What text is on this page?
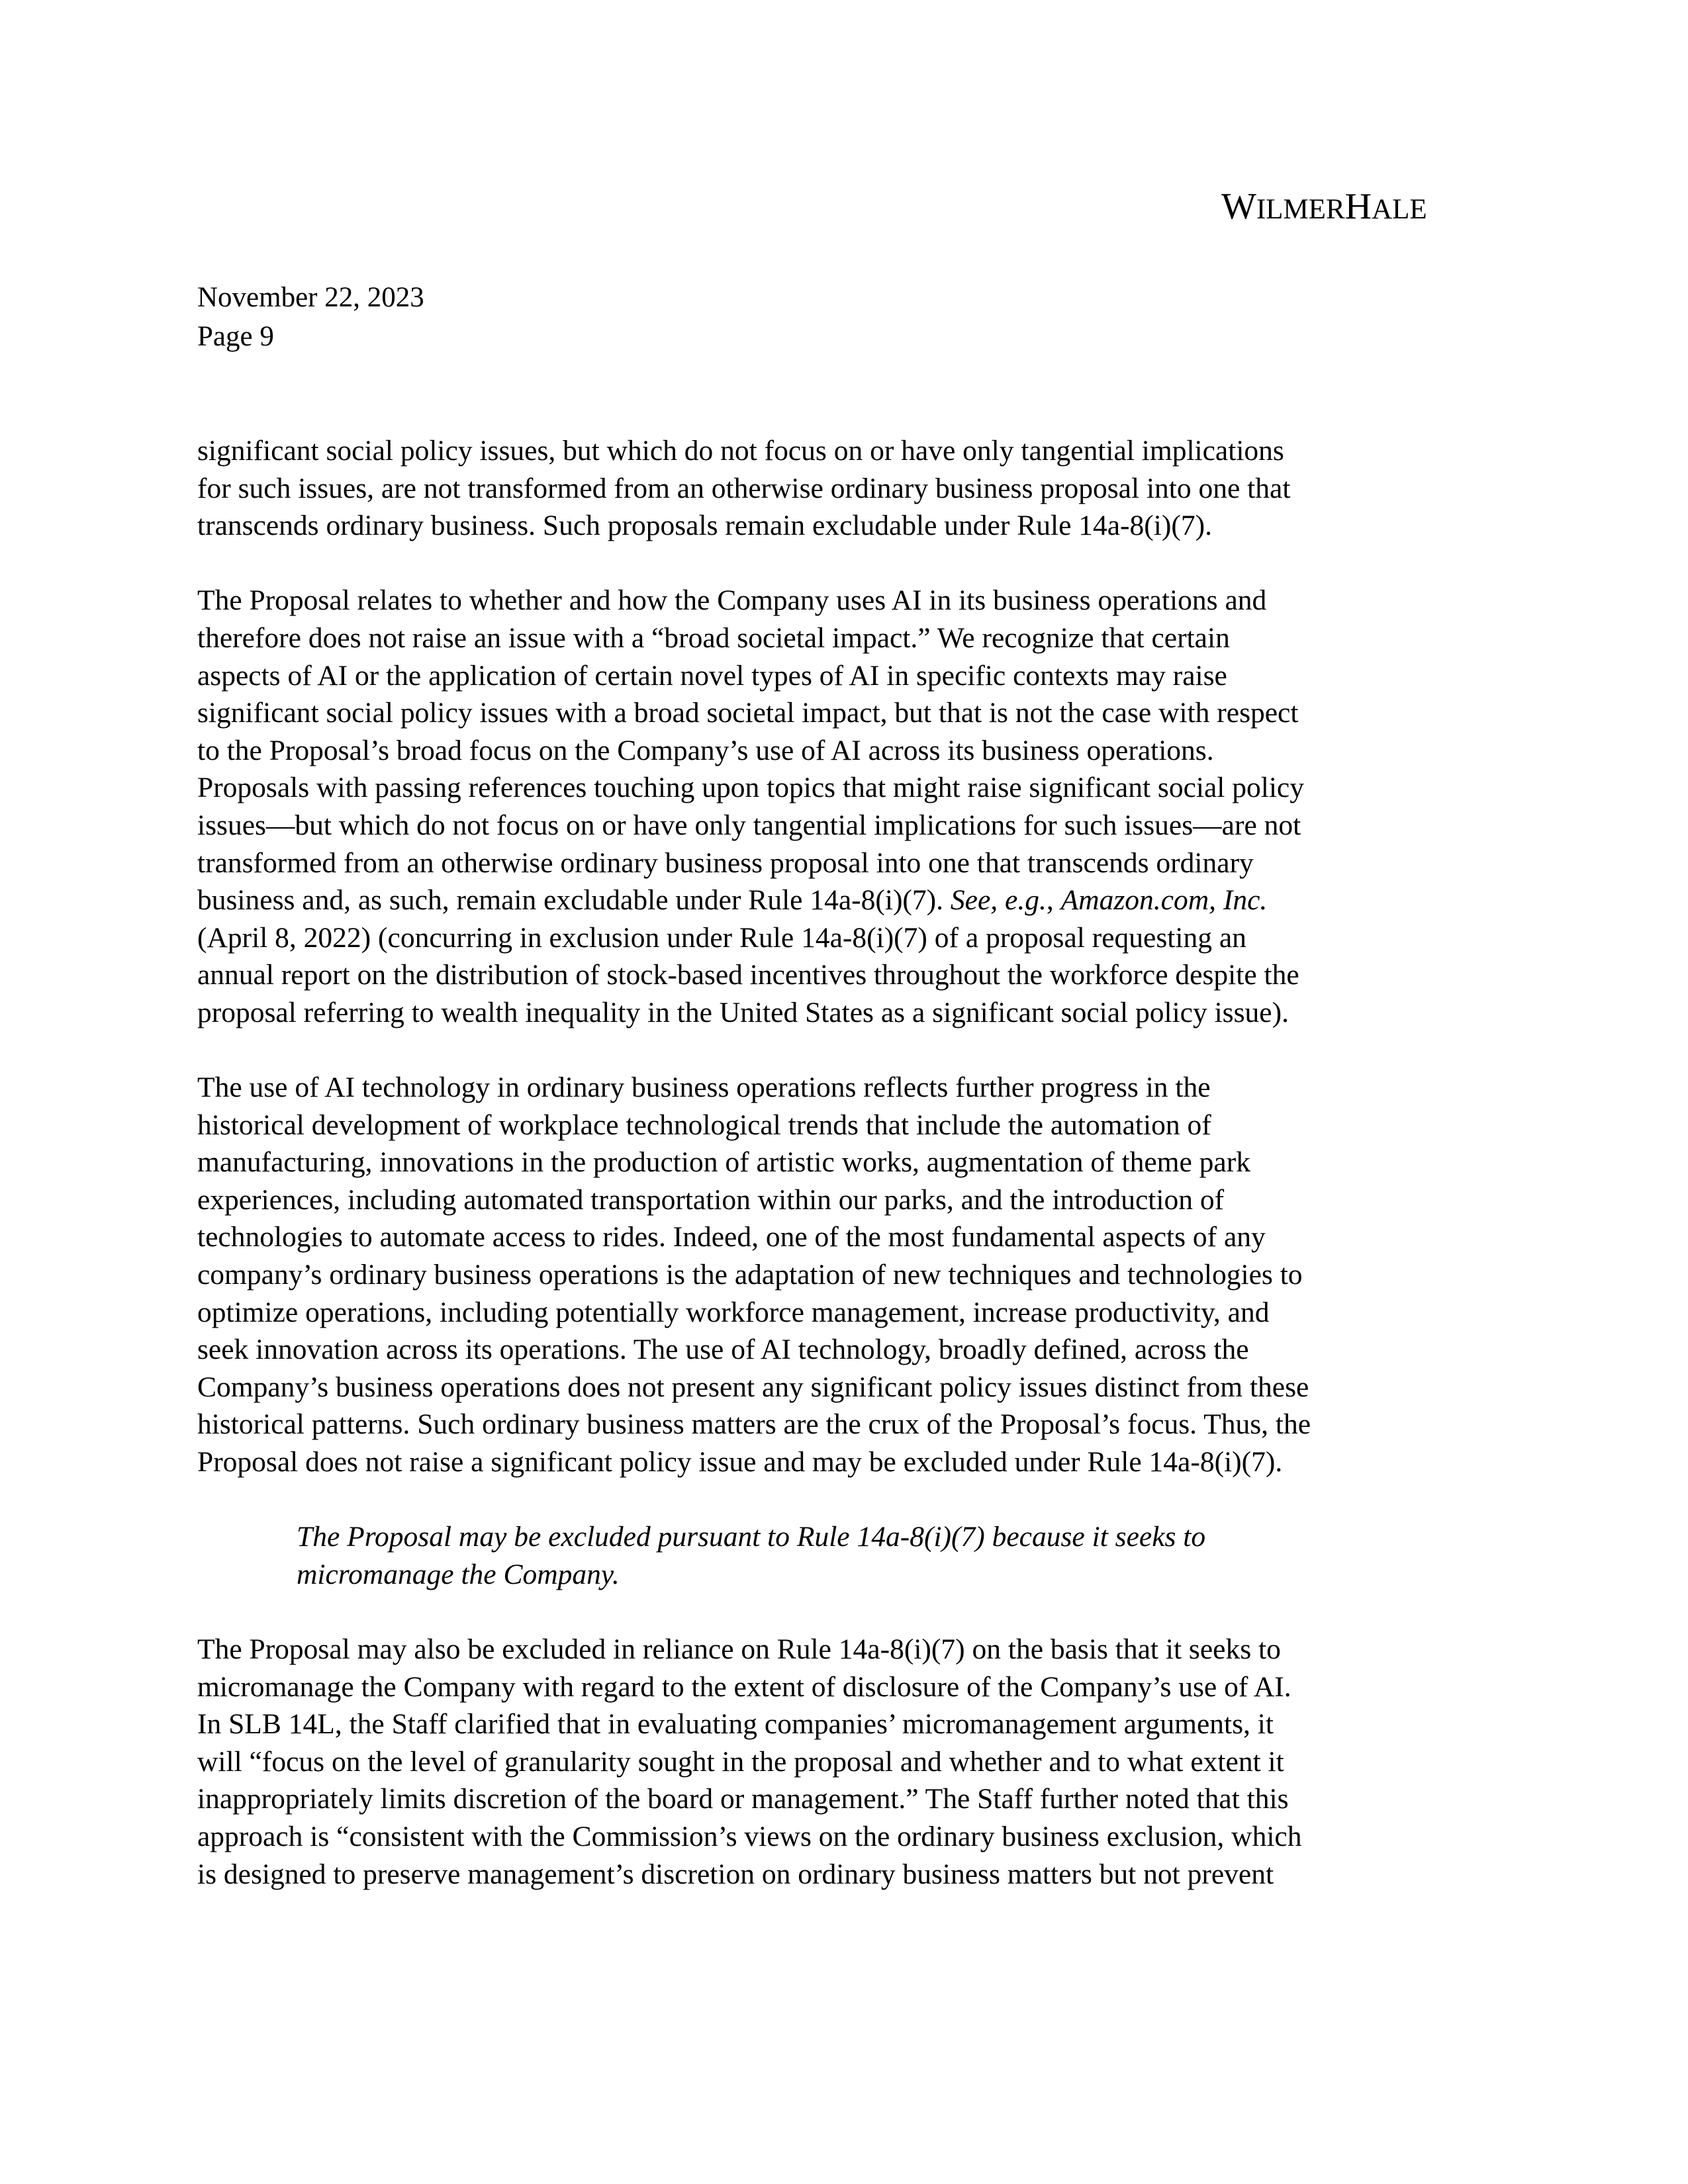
WILMERHALE
November 22, 2023
Page 9
significant social policy issues, but which do not focus on or have only tangential implications
for such issues, are not transformed from an otherwise ordinary business proposal into one that
transcends ordinary business. Such proposals remain excludable under Rule 14a-8(i)(7).
The Proposal relates to whether and how the Company uses AI in its business operations and
therefore does not raise an issue with a “broad societal impact.” We recognize that certain
aspects of AI or the application of certain novel types of AI in specific contexts may raise
significant social policy issues with a broad societal impact, but that is not the case with respect
to the Proposal’s broad focus on the Company’s use of AI across its business operations.
Proposals with passing references touching upon topics that might raise significant social policy
issues—but which do not focus on or have only tangential implications for such issues—are not
transformed from an otherwise ordinary business proposal into one that transcends ordinary
business and, as such, remain excludable under Rule 14a-8(i)(7). See, e.g., Amazon.com, Inc.
(April 8, 2022) (concurring in exclusion under Rule 14a-8(i)(7) of a proposal requesting an
annual report on the distribution of stock-based incentives throughout the workforce despite the
proposal referring to wealth inequality in the United States as a significant social policy issue).
The use of AI technology in ordinary business operations reflects further progress in the
historical development of workplace technological trends that include the automation of
manufacturing, innovations in the production of artistic works, augmentation of theme park
experiences, including automated transportation within our parks, and the introduction of
technologies to automate access to rides. Indeed, one of the most fundamental aspects of any
company’s ordinary business operations is the adaptation of new techniques and technologies to
optimize operations, including potentially workforce management, increase productivity, and
seek innovation across its operations. The use of AI technology, broadly defined, across the
Company’s business operations does not present any significant policy issues distinct from these
historical patterns. Such ordinary business matters are the crux of the Proposal’s focus. Thus, the
Proposal does not raise a significant policy issue and may be excluded under Rule 14a-8(i)(7).
The Proposal may be excluded pursuant to Rule 14a-8(i)(7) because it seeks to
micromanage the Company.
The Proposal may also be excluded in reliance on Rule 14a-8(i)(7) on the basis that it seeks to
micromanage the Company with regard to the extent of disclosure of the Company’s use of AI.
In SLB 14L, the Staff clarified that in evaluating companies’ micromanagement arguments, it
will “focus on the level of granularity sought in the proposal and whether and to what extent it
inappropriately limits discretion of the board or management.” The Staff further noted that this
approach is “consistent with the Commission’s views on the ordinary business exclusion, which
is designed to preserve management’s discretion on ordinary business matters but not prevent
